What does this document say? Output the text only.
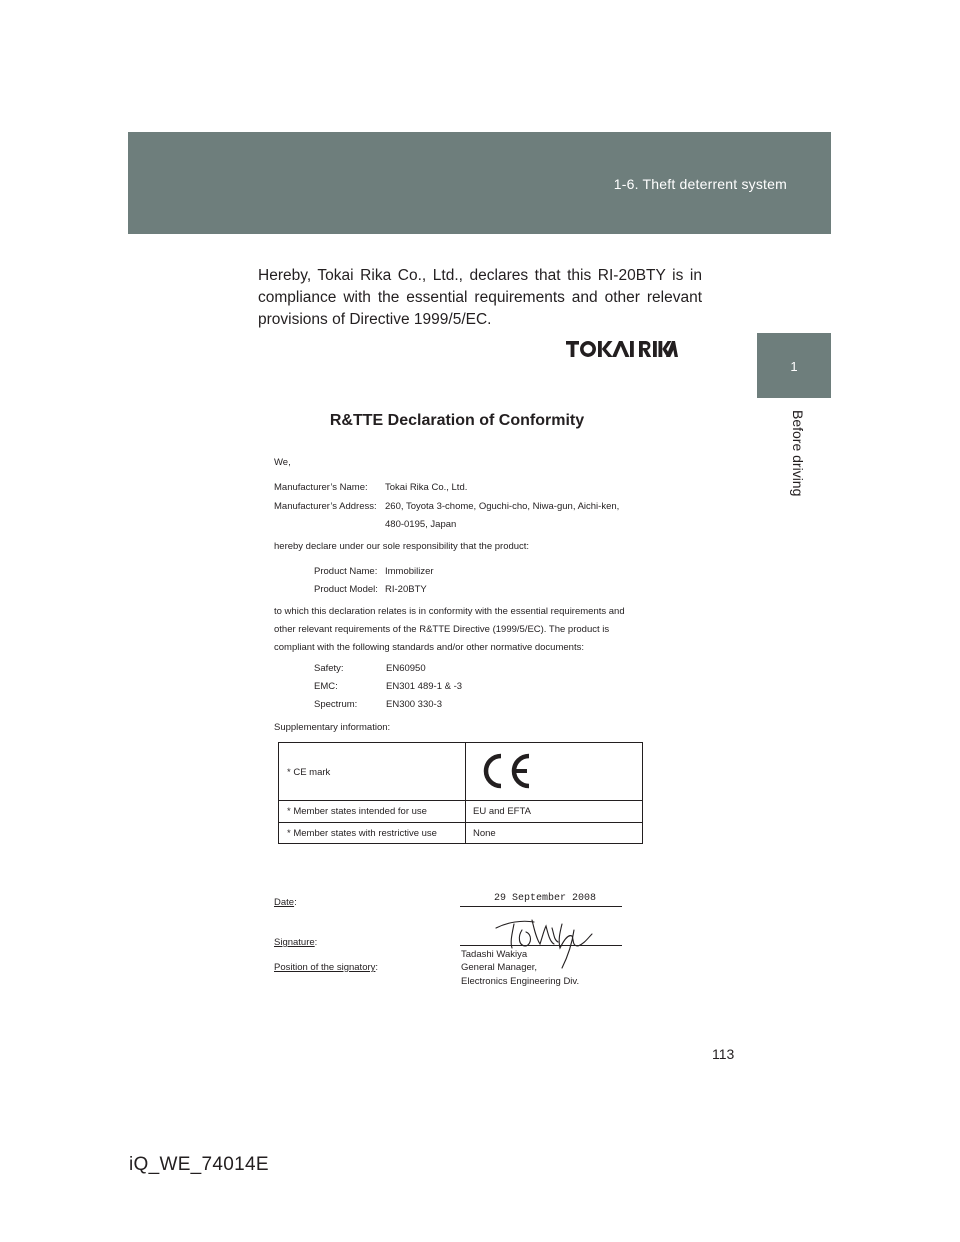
1-6. Theft deterrent system
1
Before driving
Hereby, Tokai Rika Co., Ltd., declares that this RI-20BTY is in compliance with the essential requirements and other relevant provisions of Directive 1999/5/EC.
R&TTE Declaration of Conformity
We,
Manufacturer’s Name: Tokai Rika Co., Ltd.
Manufacturer’s Address: 260, Toyota 3-chome, Oguchi-cho, Niwa-gun, Aichi-ken,
480-0195, Japan
hereby declare under our sole responsibility that the product:
Product Name: Immobilizer
Product Model: RI-20BTY
to which this declaration relates is in conformity with the essential requirements and
other relevant requirements of the R&TTE Directive (1999/5/EC). The product is
compliant with the following standards and/or other normative documents:
Safety:	EN60950
EMC:	EN301 489-1 & -3
Spectrum:	EN300 330-3
Supplementary information:
* CE mark
* Member states intended for use	EU and EFTA
* Member states with restrictive use	None
Date:	29 September 2008
Signature:
Tadashi Wakiya
Position of the signatory:	General Manager,
Electronics Engineering Div.
113
iQ_WE_74014E
